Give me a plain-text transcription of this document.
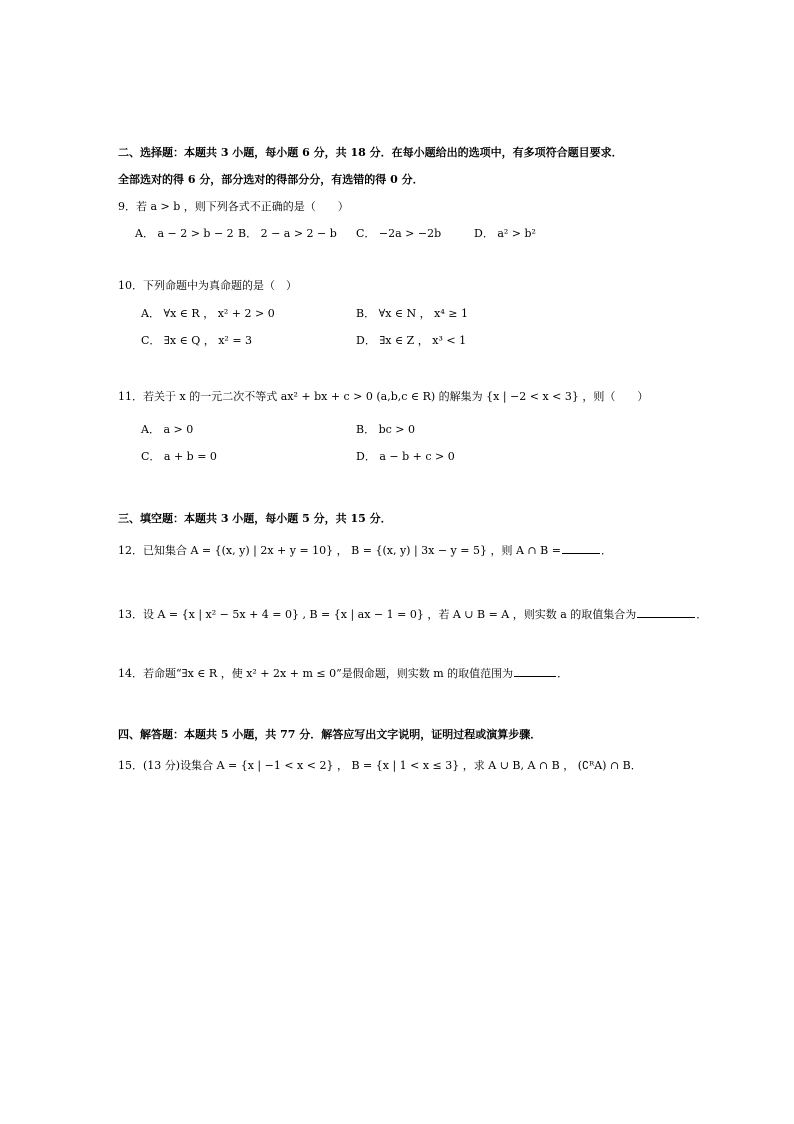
二、选择题：本题共 3 小题，每小题 6 分，共 18 分．在每小题给出的选项中，有多项符合题目要求．
全部选对的得 6 分，部分选对的得部分分，有选错的得 0 分．
9．若 a > b ，则下列各式不正确的是（　　）
A． a − 2 > b − 2 B． 2 − a > 2 − b C． −2a > −2b	D． a² > b²
10．下列命题中为真命题的是（　）
A． ∀x ∈ R ， x² + 2 > 0	B． ∀x ∈ N ， x⁴ ≥ 1
C． ∃x ∈ Q ， x² = 3	D． ∃x ∈ Z ， x³ < 1
11．若关于 x 的一元二次不等式 ax² + bx + c > 0 (a,b,c ∈ R) 的解集为 {x | −2 < x < 3} ，则（　　）
A． a > 0	B． bc > 0
C． a + b = 0	D． a − b + c > 0
三、填空题：本题共 3 小题，每小题 5 分，共 15 分．
12．已知集合 A = {(x, y) | 2x + y = 10} ， B = {(x, y) | 3x − y = 5} ，则 A ∩ B =	．
13．设 A = {x | x² − 5x + 4 = 0} , B = {x | ax − 1 = 0} ，若 A ∪ B = A ，则实数 a 的取值集合为	．
14．若命题“∃x ∈ R ，使 x² + 2x + m ≤ 0”是假命题，则实数 m 的取值范围为	．
四、解答题：本题共 5 小题，共 77 分．解答应写出文字说明，证明过程或演算步骤．
15．(13 分)设集合 A = {x | −1 < x < 2} ， B = {x | 1 < x ≤ 3} ，求 A ∪ B, A ∩ B ， (∁ᴿA) ∩ B．
